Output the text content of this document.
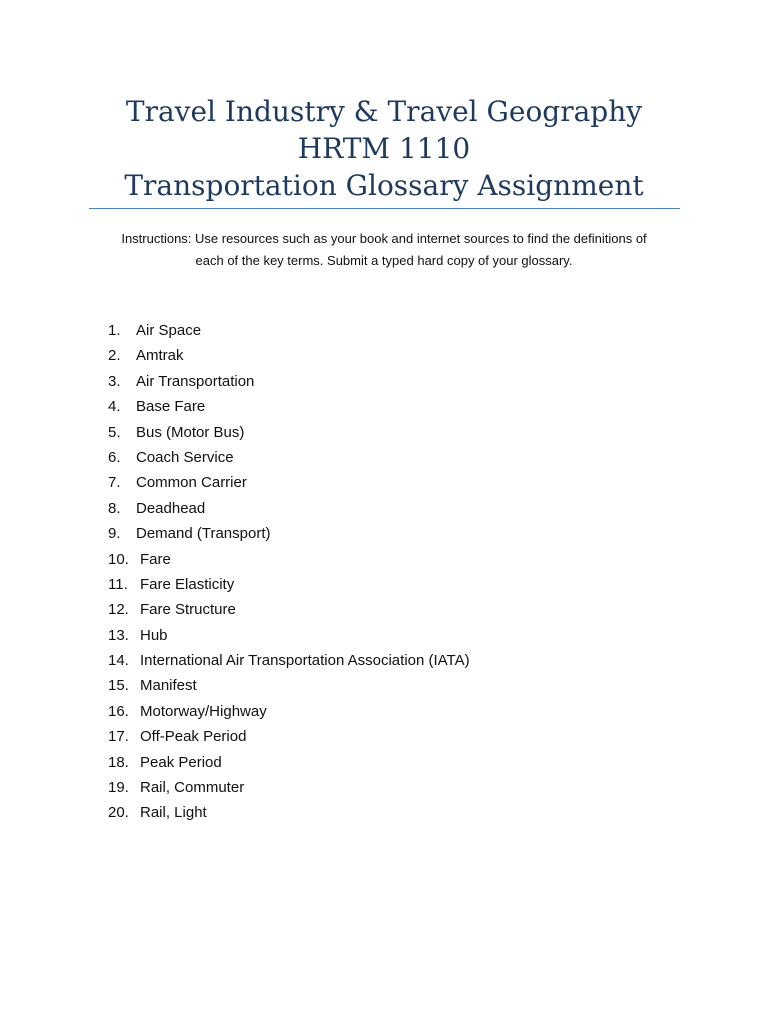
Travel Industry & Travel Geography
HRTM 1110
Transportation Glossary Assignment
Instructions: Use resources such as your book and internet sources to find the definitions of
each of the key terms. Submit a typed hard copy of your glossary.
1. Air Space
2. Amtrak
3. Air Transportation
4. Base Fare
5. Bus (Motor Bus)
6. Coach Service
7. Common Carrier
8. Deadhead
9. Demand (Transport)
10. Fare
11. Fare Elasticity
12. Fare Structure
13. Hub
14. International Air Transportation Association (IATA)
15. Manifest
16. Motorway/Highway
17. Off-Peak Period
18. Peak Period
19. Rail, Commuter
20. Rail, Light
